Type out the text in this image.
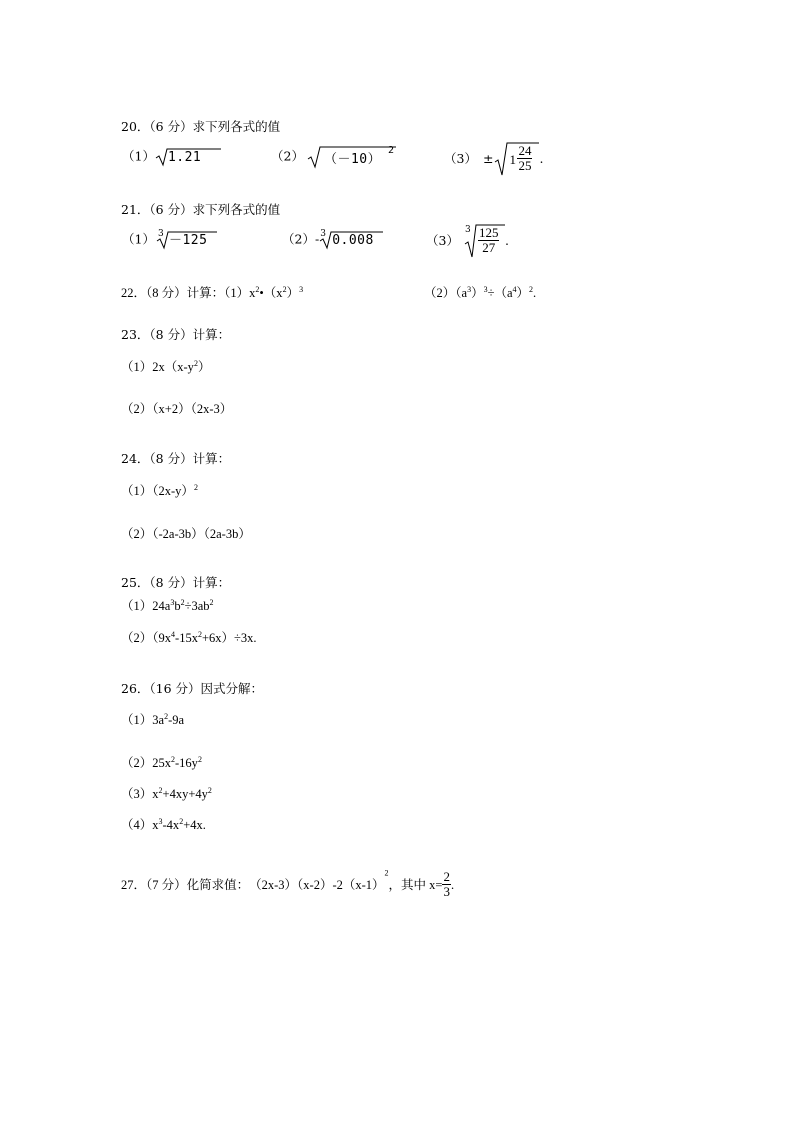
20．（6 分）求下列各式的值
（1） 1.21	（2） （－10）
2
$(3) \pm 1 \frac{24}{25}$ .
21．（6 分）求下列各式的值
（1） 3 －125	（2）- 3 0.008	（3）
$3 \frac{125}{27}$ .
22．（8 分）计算：$(1)x^2•(x^2)^3$	$(2)(a^3)^3\div(a^4)^2$.
23．（8 分）计算：
$(1)2x(x-y^2)$
（2）（x+2）（2x-3）
24．（8 分）计算：
$(1)(2x-y)^2$
（2）（-2a-3b）（2a-3b）
25．（8 分）计算：
$(1)24a^3b^2\div 3ab^2$
$(2)(9x^4-15x^2+6x)\div 3x$.
26．（16 分）因式分解：
$(1)3a^2-9a$
$(2)25x^2-16y^2$
$(3)x^2+4xy+4y^2$
$(4)x^3-4x^2+4x$.
27．（7 分）化简求值：$(2x-3)(x-2)-2(x-1)^2$，其中 $x= \frac{2}{3}$ .
